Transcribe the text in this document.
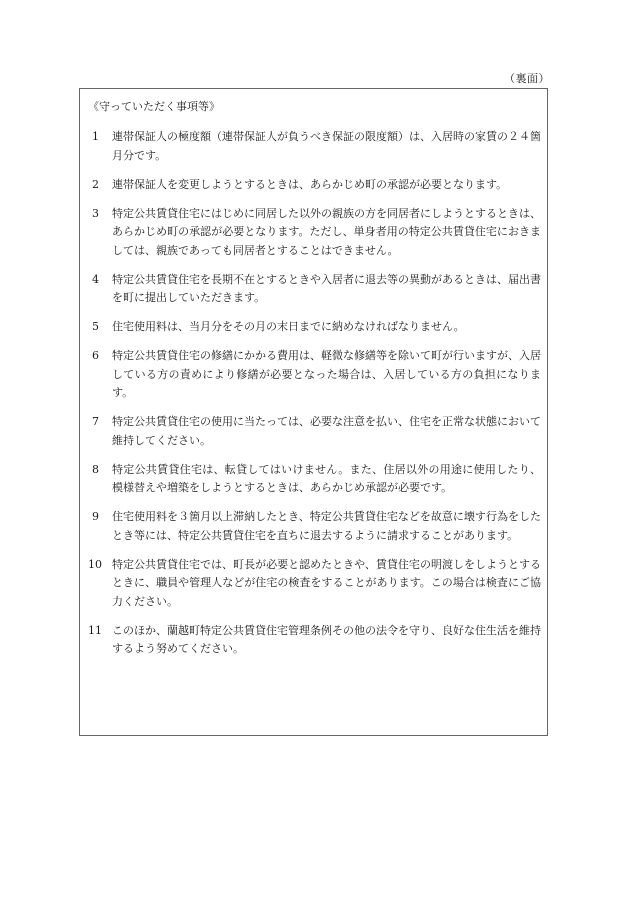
（裏面）
《守っていただく事項等》
1	連帯保証人の極度額（連帯保証人が負うべき保証の限度額）は、入居時の家賃の２４箇月分です。
2	連帯保証人を変更しようとするときは、あらかじめ町の承認が必要となります。
3	特定公共賃貸住宅にはじめに同居した以外の親族の方を同居者にしようとするときは、あらかじめ町の承認が必要となります。ただし、単身者用の特定公共賃貸住宅におきましては、親族であっても同居者とすることはできません。
4	特定公共賃貸住宅を長期不在とするときや入居者に退去等の異動があるときは、届出書を町に提出していただきます。
5	住宅使用料は、当月分をその月の末日までに納めなければなりません。
6	特定公共賃貸住宅の修繕にかかる費用は、軽微な修繕等を除いて町が行いますが、入居している方の責めにより修繕が必要となった場合は、入居している方の負担になります。
7	特定公共賃貸住宅の使用に当たっては、必要な注意を払い、住宅を正常な状態において維持してください。
8	特定公共賃貸住宅は、転貸してはいけません。また、住居以外の用途に使用したり、模様替えや増築をしようとするときは、あらかじめ承認が必要です。
9	住宅使用料を３箇月以上滞納したとき、特定公共賃貸住宅などを故意に壊す行為をしたとき等には、特定公共賃貸住宅を直ちに退去するように請求することがあります。
10 特定公共賃貸住宅では、町長が必要と認めたときや、賃貸住宅の明渡しをしようとするときに、職員や管理人などが住宅の検査をすることがあります。この場合は検査にご協力ください。
11 このほか、蘭越町特定公共賃貸住宅管理条例その他の法令を守り、良好な住生活を維持するよう努めてください。
